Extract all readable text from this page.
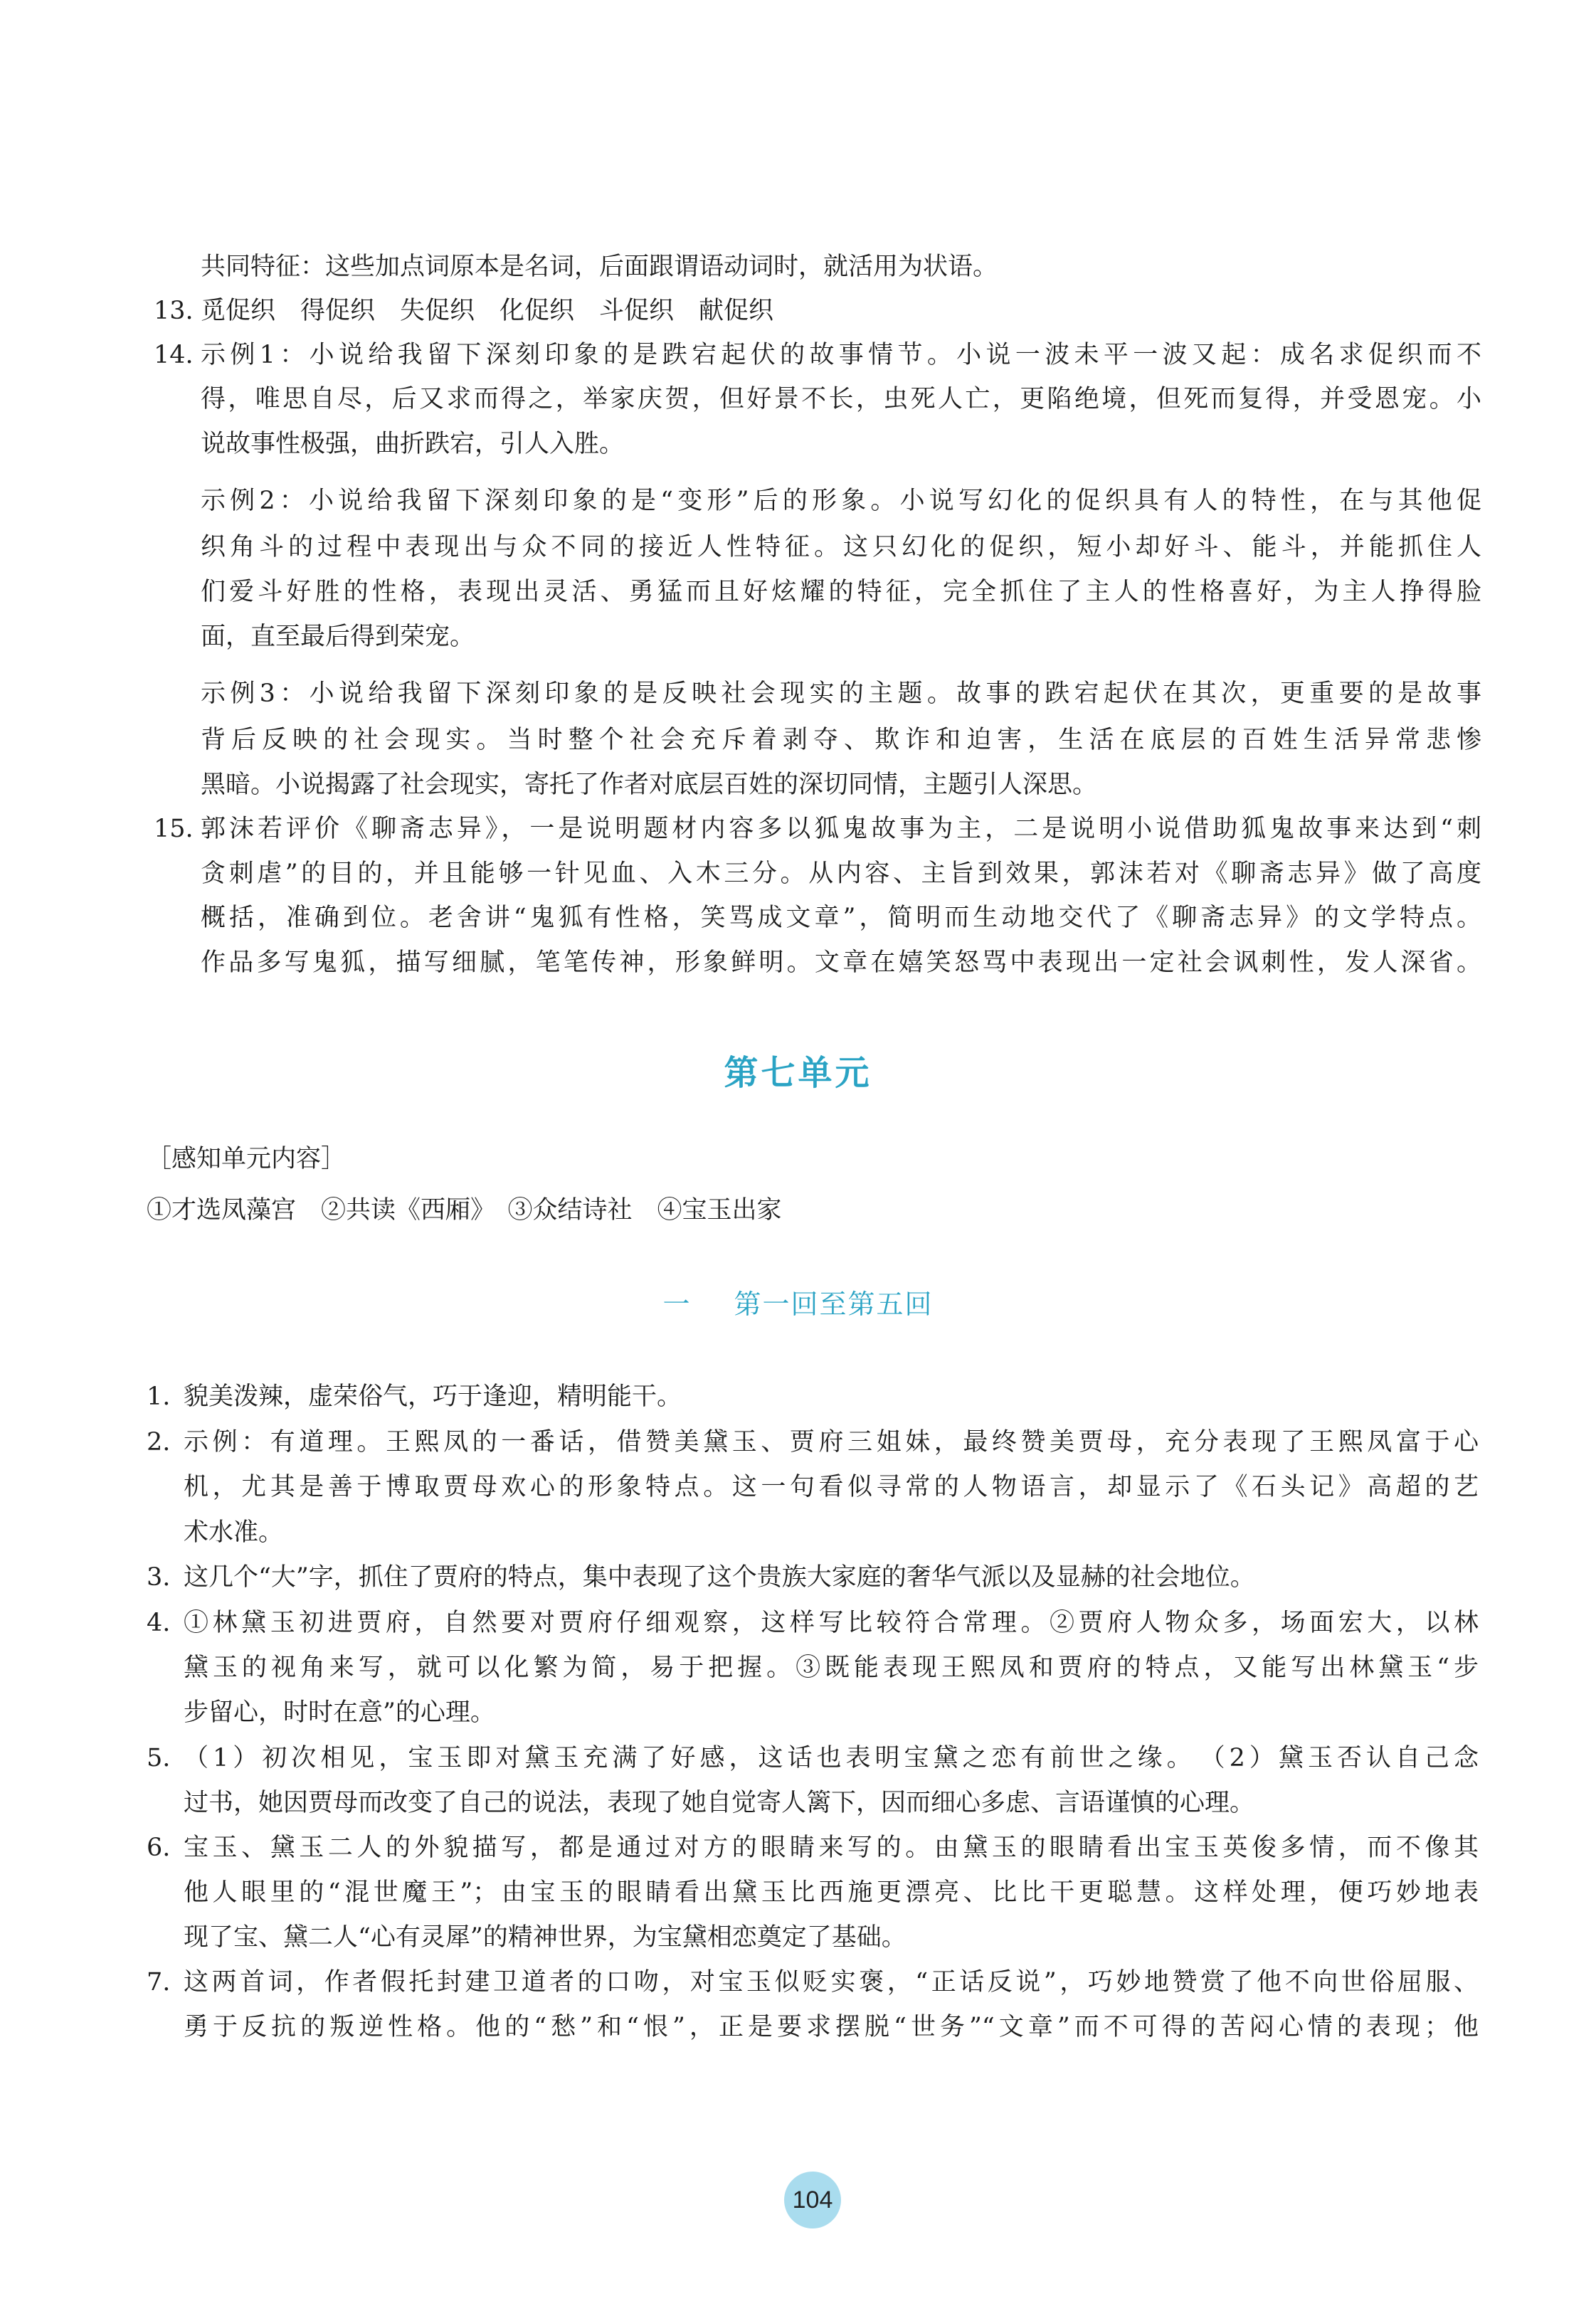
共同特征：这些加点词原本是名词，后面跟谓语动词时，就活用为状语。
13. 觅促织　得促织　失促织　化促织　斗促织　献促织
14. 示例1：小说给我留下深刻印象的是跌宕起伏的故事情节。小说一波未平一波又起：成名求促织而不
得，唯思自尽，后又求而得之，举家庆贺，但好景不长，虫死人亡，更陷绝境，但死而复得，并受恩宠。小
说故事性极强，曲折跌宕，引人入胜。
示例2：小说给我留下深刻印象的是“变形”后的形象。小说写幻化的促织具有人的特性，在与其他促
织角斗的过程中表现出与众不同的接近人性特征。这只幻化的促织，短小却好斗、能斗，并能抓住人
们爱斗好胜的性格，表现出灵活、勇猛而且好炫耀的特征，完全抓住了主人的性格喜好，为主人挣得脸
面，直至最后得到荣宠。
示例3：小说给我留下深刻印象的是反映社会现实的主题。故事的跌宕起伏在其次，更重要的是故事
背后反映的社会现实。当时整个社会充斥着剥夺、欺诈和迫害，生活在底层的百姓生活异常悲惨
黑暗。小说揭露了社会现实，寄托了作者对底层百姓的深切同情，主题引人深思。
15. 郭沫若评价《聊斋志异》，一是说明题材内容多以狐鬼故事为主，二是说明小说借助狐鬼故事来达到“刺
贪刺虐”的目的，并且能够一针见血、入木三分。从内容、主旨到效果，郭沫若对《聊斋志异》做了高度
概括，准确到位。老舍讲“鬼狐有性格，笑骂成文章”，简明而生动地交代了《聊斋志异》的文学特点。
作品多写鬼狐，描写细腻，笔笔传神，形象鲜明。文章在嬉笑怒骂中表现出一定社会讽刺性，发人深省。
第七单元
［感知单元内容］
①才选凤藻宫　②共读《西厢》　③众结诗社　④宝玉出家
一 第一回至第五回
1. 貌美泼辣，虚荣俗气，巧于逢迎，精明能干。
2. 示例：有道理。王熙凤的一番话，借赞美黛玉、贾府三姐妹，最终赞美贾母，充分表现了王熙凤富于心
机，尤其是善于博取贾母欢心的形象特点。这一句看似寻常的人物语言，却显示了《石头记》高超的艺
术水准。
3. 这几个“大”字，抓住了贾府的特点，集中表现了这个贵族大家庭的奢华气派以及显赫的社会地位。
4. ①林黛玉初进贾府，自然要对贾府仔细观察，这样写比较符合常理。②贾府人物众多，场面宏大，以林
黛玉的视角来写，就可以化繁为简，易于把握。③既能表现王熙凤和贾府的特点，又能写出林黛玉“步
步留心，时时在意”的心理。
5. （1）初次相见，宝玉即对黛玉充满了好感，这话也表明宝黛之恋有前世之缘。　（2）黛玉否认自己念
过书，她因贾母而改变了自己的说法，表现了她自觉寄人篱下，因而细心多虑、言语谨慎的心理。
6. 宝玉、黛玉二人的外貌描写，都是通过对方的眼睛来写的。由黛玉的眼睛看出宝玉英俊多情，而不像其
他人眼里的“混世魔王”；由宝玉的眼睛看出黛玉比西施更漂亮、比比干更聪慧。这样处理，便巧妙地表
现了宝、黛二人“心有灵犀”的精神世界，为宝黛相恋奠定了基础。
7. 这两首词，作者假托封建卫道者的口吻，对宝玉似贬实褒，“正话反说”，巧妙地赞赏了他不向世俗屈服、
勇于反抗的叛逆性格。他的“愁”和“恨”，正是要求摆脱“世务”“文章”而不可得的苦闷心情的表现；他
104
